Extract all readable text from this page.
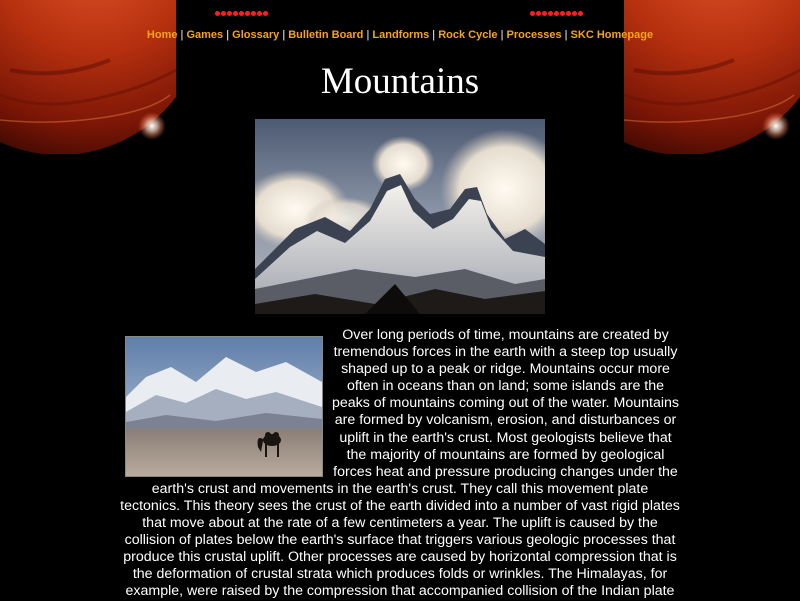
Home | Games | Glossary | Bulletin Board | Landforms | Rock Cycle | Processes | SKC Homepage
Mountains

Over long periods of time, mountains are created by tremendous forces in the earth with a steep top usually shaped up to a peak or ridge. Mountains occur more often in oceans than on land; some islands are the peaks of mountains coming out of the water. Mountains are formed by volcanism, erosion, and disturbances or uplift in the earth's crust. Most geologists believe that the majority of mountains are formed by geological forces heat and pressure producing changes under the earth's crust and movements in the earth's crust. They call this movement plate tectonics. This theory sees the crust of the earth divided into a number of vast rigid plates that move about at the rate of a few centimeters a year. The uplift is caused by the collision of plates below the earth's surface that triggers various geologic processes that produce this crustal uplift. Other processes are caused by horizontal compression that is the deformation of crustal strata which produces folds or wrinkles. The Himalayas, for example, were raised by the compression that accompanied collision of the Indian plate
